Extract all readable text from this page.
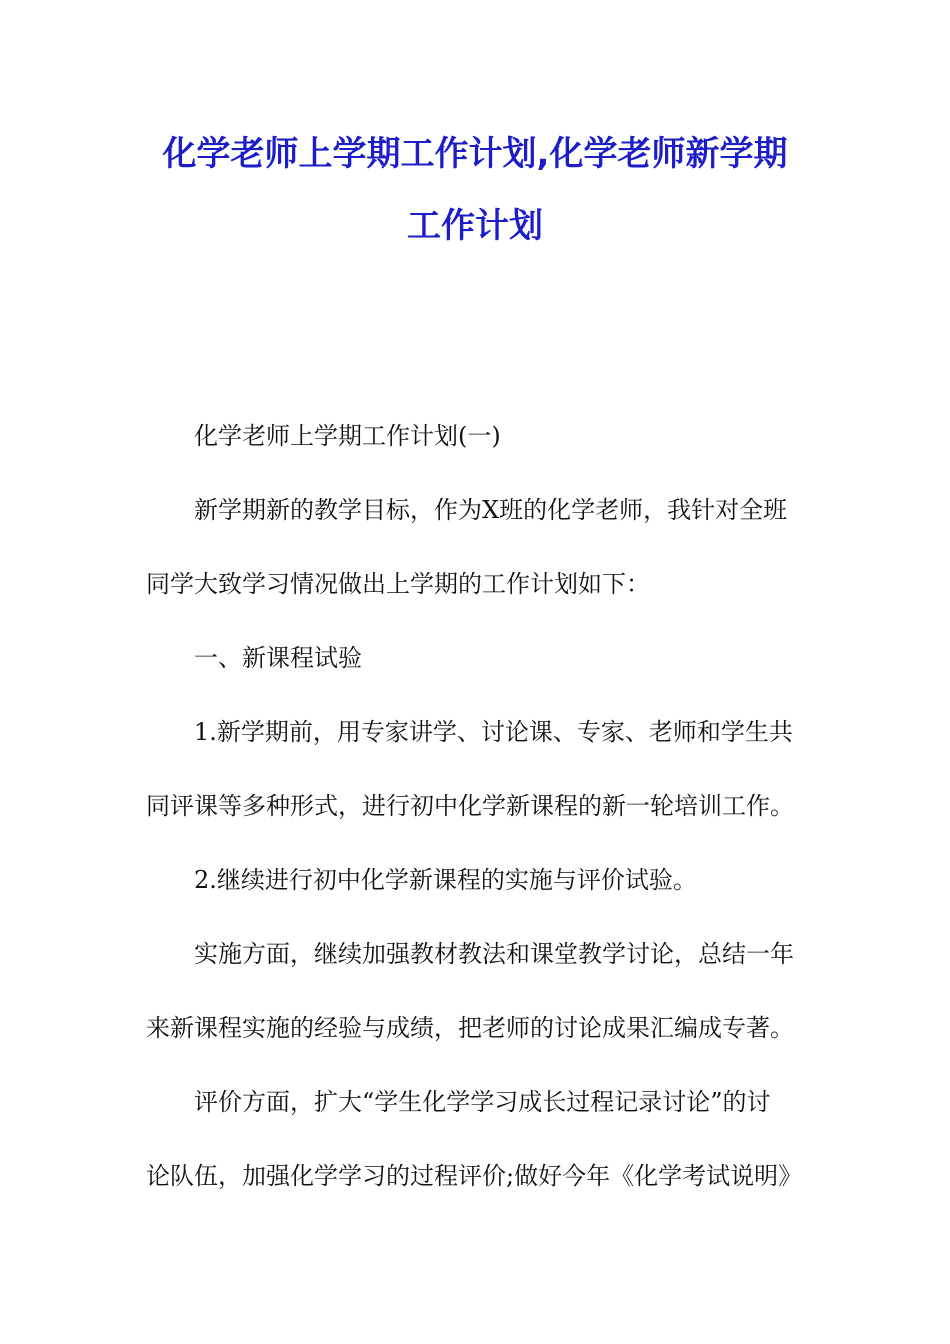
化学老师上学期工作计划,化学老师新学期
工作计划

化学老师上学期工作计划(一)

新学期新的教学目标，作为X班的化学老师，我针对全班

同学大致学习情况做出上学期的工作计划如下：

一、新课程试验

1.新学期前，用专家讲学、讨论课、专家、老师和学生共

同评课等多种形式，进行初中化学新课程的新一轮培训工作。

2.继续进行初中化学新课程的实施与评价试验。

实施方面，继续加强教材教法和课堂教学讨论，总结一年

来新课程实施的经验与成绩，把老师的讨论成果汇编成专著。

评价方面，扩大“学生化学学习成长过程记录讨论”的讨

论队伍，加强化学学习的过程评价;做好今年《化学考试说明》
